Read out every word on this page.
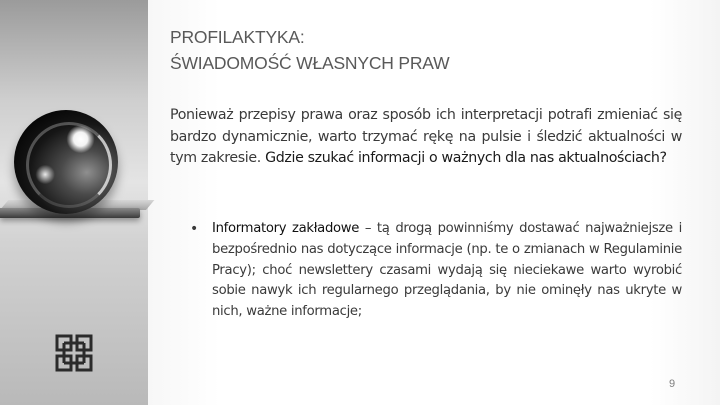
PROFILAKTYKA:
ŚWIADOMOŚĆ WŁASNYCH PRAW
Ponieważ przepisy prawa oraz sposób ich interpretacji potrafi zmieniać się bardzo dynamicznie, warto trzymać rękę na pulsie i śledzić aktualności w tym zakresie. Gdzie szukać informacji o ważnych dla nas aktualnościach?
• Informatory zakładowe – tą drogą powinniśmy dostawać najważniejsze i bezpośrednio nas dotyczące informacje (np. te o zmianach w Regulaminie Pracy); choć newslettery czasami wydają się nieciekawe warto wyrobić sobie nawyk ich regularnego przeglądania, by nie ominęły nas ukryte w nich, ważne informacje;
9
